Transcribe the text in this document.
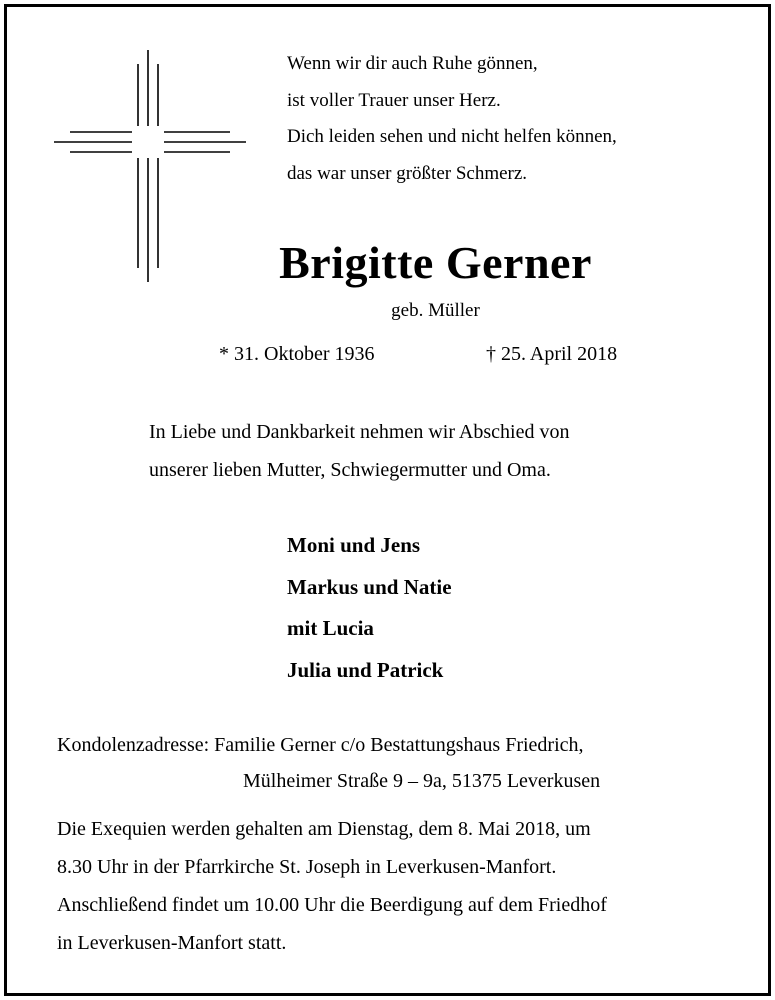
Wenn wir dir auch Ruhe gönnen,
ist voller Trauer unser Herz.
Dich leiden sehen und nicht helfen können,
das war unser größter Schmerz.
Brigitte Gerner
geb. Müller
* 31. Oktober 1936	† 25. April 2018
In Liebe und Dankbarkeit nehmen wir Abschied von
unserer lieben Mutter, Schwiegermutter und Oma.
Moni und Jens
Markus und Natie
mit Lucia
Julia und Patrick
Kondolenzadresse: Familie Gerner c/o Bestattungshaus Friedrich,
Mülheimer Straße 9 – 9a, 51375 Leverkusen
Die Exequien werden gehalten am Dienstag, dem 8. Mai 2018, um
8.30 Uhr in der Pfarrkirche St. Joseph in Leverkusen-Manfort.
Anschließend findet um 10.00 Uhr die Beerdigung auf dem Friedhof
in Leverkusen-Manfort statt.
